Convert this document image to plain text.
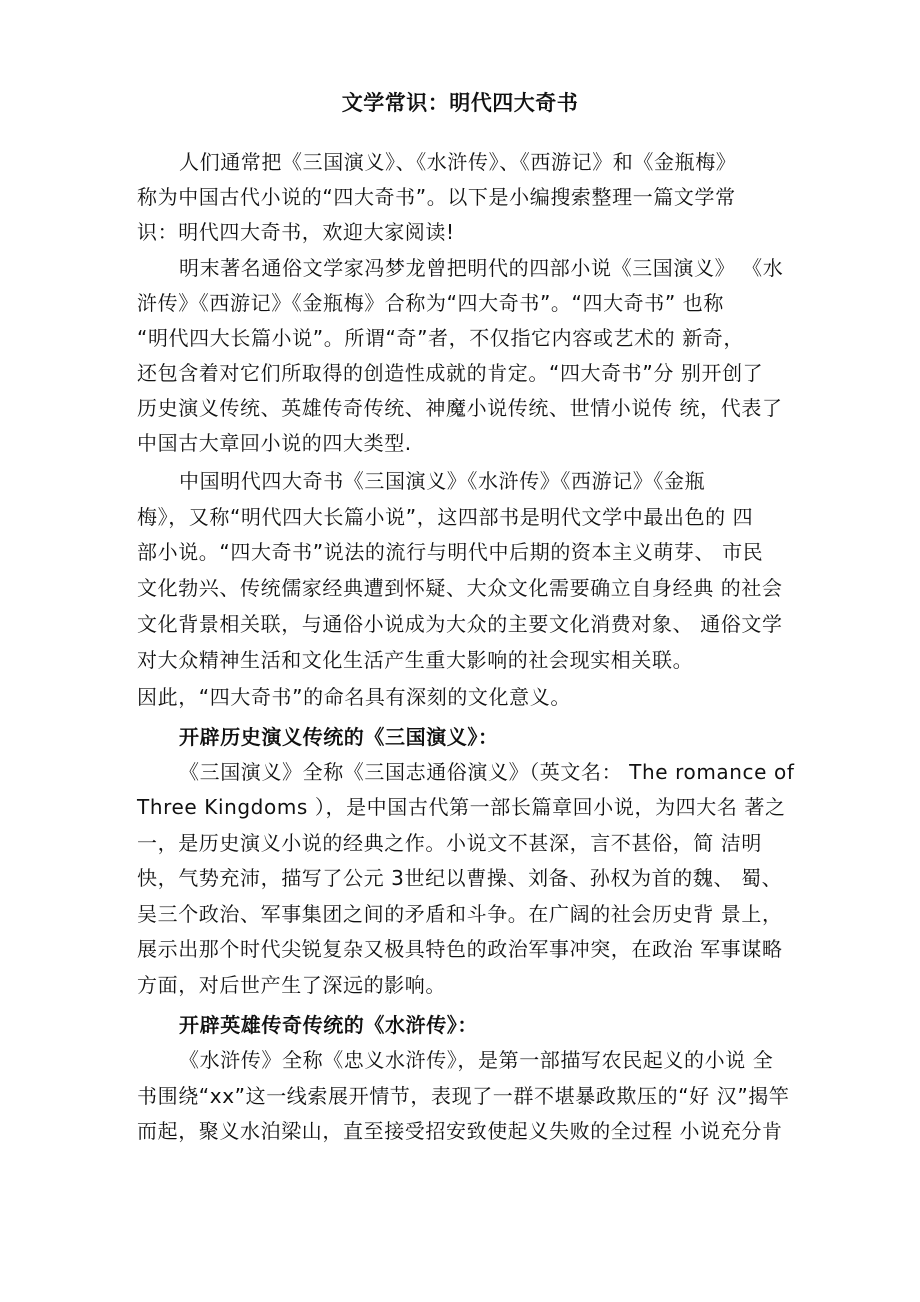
文学常识：明代四大奇书
人们通常把《三国演义》、《水浒传》、《西游记》和《金瓶梅》
称为中国古代小说的“四大奇书”。以下是小编搜索整理一篇文学常
识：明代四大奇书，欢迎大家阅读!
明末著名通俗文学家冯梦龙曾把明代的四部小说《三国演义》 《水
浒传》《西游记》《金瓶梅》合称为“四大奇书”。“四大奇书” 也称
“明代四大长篇小说”。所谓“奇”者，不仅指它内容或艺术的 新奇，
还包含着对它们所取得的创造性成就的肯定。“四大奇书”分 别开创了
历史演义传统、英雄传奇传统、神魔小说传统、世情小说传 统，代表了
中国古大章回小说的四大类型.
中国明代四大奇书《三国演义》《水浒传》《西游记》《金瓶
梅》，又称“明代四大长篇小说”，这四部书是明代文学中最出色的 四
部小说。“四大奇书”说法的流行与明代中后期的资本主义萌芽、 市民
文化勃兴、传统儒家经典遭到怀疑、大众文化需要确立自身经典 的社会
文化背景相关联，与通俗小说成为大众的主要文化消费对象、 通俗文学
对大众精神生活和文化生活产生重大影响的社会现实相关联。
因此，“四大奇书”的命名具有深刻的文化意义。
开辟历史演义传统的《三国演义》：
《三国演义》全称《三国志通俗演义》（英文名： The romance of
Three Kingdoms ），是中国古代第一部长篇章回小说，为四大名 著之
一，是历史演义小说的经典之作。小说文不甚深，言不甚俗，简 洁明
快，气势充沛，描写了公元 3世纪以曹操、刘备、孙权为首的魏、 蜀、
吴三个政治、军事集团之间的矛盾和斗争。在广阔的社会历史背 景上，
展示出那个时代尖锐复杂又极具特色的政治军事冲突，在政治 军事谋略
方面，对后世产生了深远的影响。
开辟英雄传奇传统的《水浒传》：
《水浒传》全称《忠义水浒传》，是第一部描写农民起义的小说 全
书围绕“xx”这一线索展开情节，表现了一群不堪暴政欺压的“好 汉”揭竿
而起，聚义水泊梁山，直至接受招安致使起义失败的全过程 小说充分肯
